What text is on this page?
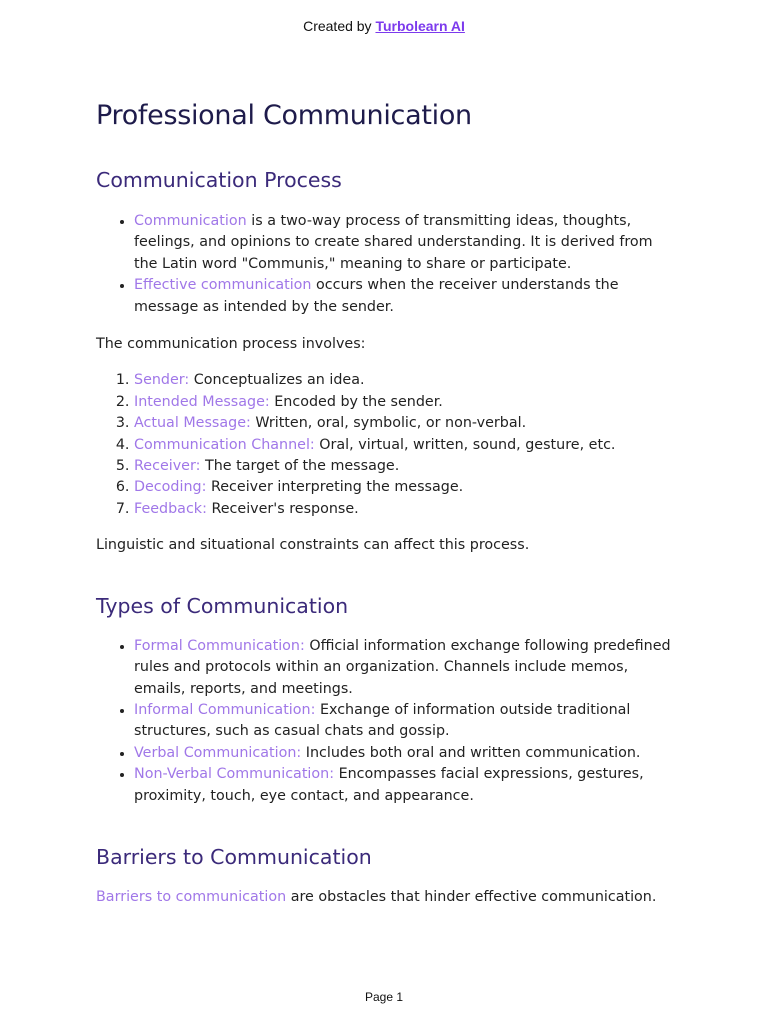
Created by Turbolearn AI
Professional Communication
Communication Process
• Communication is a two-way process of transmitting ideas, thoughts, feelings, and opinions to create shared understanding. It is derived from the Latin word "Communis," meaning to share or participate.
• Effective communication occurs when the receiver understands the message as intended by the sender.

The communication process involves:

1. Sender: Conceptualizes an idea.
2. Intended Message: Encoded by the sender.
3. Actual Message: Written, oral, symbolic, or non-verbal.
4. Communication Channel: Oral, virtual, written, sound, gesture, etc.
5. Receiver: The target of the message.
6. Decoding: Receiver interpreting the message.
7. Feedback: Receiver's response.

Linguistic and situational constraints can affect this process.

Types of Communication
• Formal Communication: Official information exchange following predefined rules and protocols within an organization. Channels include memos, emails, reports, and meetings.
• Informal Communication: Exchange of information outside traditional structures, such as casual chats and gossip.
• Verbal Communication: Includes both oral and written communication.
• Non-Verbal Communication: Encompasses facial expressions, gestures, proximity, touch, eye contact, and appearance.
Barriers to Communication

Barriers to communication are obstacles that hinder effective communication.

Page 1
